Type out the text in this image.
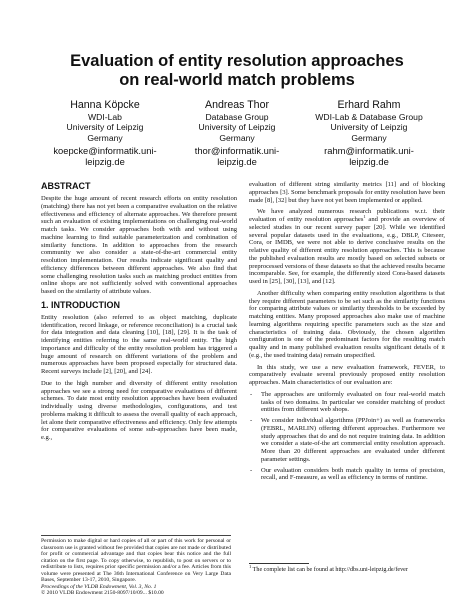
Evaluation of entity resolution approaches
on real-world match problems
Hanna Köpcke
WDI-Lab
University of Leipzig
Germany
koepcke@informatik.uni-
leipzig.de
Andreas Thor
Database Group
University of Leipzig
Germany
thor@informatik.uni-
leipzig.de
Erhard Rahm
WDI-Lab & Database Group
University of Leipzig
Germany
rahm@informatik.uni-
leipzig.de
ABSTRACT

Despite the huge amount of recent research efforts on entity resolution (matching) there has not yet been a comparative evaluation on the relative effectiveness and efficiency of alternate approaches. We therefore present such an evaluation of existing implementations on challenging real-world match tasks. We consider approaches both with and without using machine learning to find suitable parameterization and combination of similarity functions. In addition to approaches from the research community we also consider a state-of-the-art commercial entity resolution implementation. Our results indicate significant quality and efficiency differences between different approaches. We also find that some challenging resolution tasks such as matching product entities from online shops are not sufficiently solved with conventional approaches based on the similarity of attribute values.

1. INTRODUCTION

Entity resolution (also referred to as object matching, duplicate identification, record linkage, or reference reconciliation) is a crucial task for data integration and data cleaning [10], [18], [29]. It is the task of identifying entities referring to the same real-world entity. The high importance and difficulty of the entity resolution problem has triggered a huge amount of research on different variations of the problem and numerous approaches have been proposed especially for structured data. Recent surveys include [2], [20], and [24].

Due to the high number and diversity of different entity resolution approaches we see a strong need for comparative evaluations of different schemes. To date most entity resolution approaches have been evaluated individually using diverse methodologies, configurations, and test problems making it difficult to assess the overall quality of each approach, let alone their comparative effectiveness and efficiency. Only few attempts for comparative evaluations of some sub-approaches have been made, e.g.,

Permission to make digital or hard copies of all or part of this work for personal or classroom use is granted without fee provided that copies are not made or distributed for profit or commercial advantage and that copies bear this notice and the full citation on the first page. To copy otherwise, to republish, to post on servers or to redistribute to lists, requires prior specific permission and/or a fee. Articles from this volume were presented at The 36th International Conference on Very Large Data Bases, September 13-17, 2010, Singapore.
Proceedings of the VLDB Endowment, Vol. 3, No. 1
© 2010 VLDB Endowment 2150-8097/10/09... $10.00

evaluation of different string similarity metrics [11] and of blocking approaches [3]. Some benchmark proposals for entity resolution have been made [8], [32] but they have not yet been implemented or applied.

We have analyzed numerous research publications w.r.t. their evaluation of entity resolution approaches$^1$ and provide an overview of selected studies in our recent survey paper [20]. While we identified several popular datasets used in the evaluations, e.g., DBLP, Citeseer, Cora, or IMDB, we were not able to derive conclusive results on the relative quality of different entity resolution approaches. This is because the published evaluation results are mostly based on selected subsets or preprocessed versions of these datasets so that the achieved results became incomparable. See, for example, the differently sized Cora-based datasets used in [25], [30], [13], and [12].

Another difficulty when comparing entity resolution algorithms is that they require different parameters to be set such as the similarity functions for comparing attribute values or similarity thresholds to be exceeded by matching entities. Many proposed approaches also make use of machine learning algorithms requiring specific parameters such as the size and characteristics of training data. Obviously, the chosen algorithm configuration is one of the predominant factors for the resulting match quality and in many published evaluation results significant details of it (e.g., the used training data) remain unspecified.

In this study, we use a new evaluation framework, FEVER, to comparatively evaluate several previously proposed entity resolution approaches. Main characteristics of our evaluation are:

- The approaches are uniformly evaluated on four real-world match tasks of two domains. In particular we consider matching of product entities from different web shops.
- We consider individual algorithms (PPJoin+) as well as frameworks (FEBRL, MARLIN) offering different approaches. Furthermore we study approaches that do and do not require training data. In addition we consider a state-of-the art commercial entity resolution approach. More than 20 different approaches are evaluated under different parameter settings.
- Our evaluation considers both match quality in terms of precision, recall, and F-measure, as well as efficiency in terms of runtime.
$^1$ The complete list can be found at http://dbs.uni-leipzig.de/fever
